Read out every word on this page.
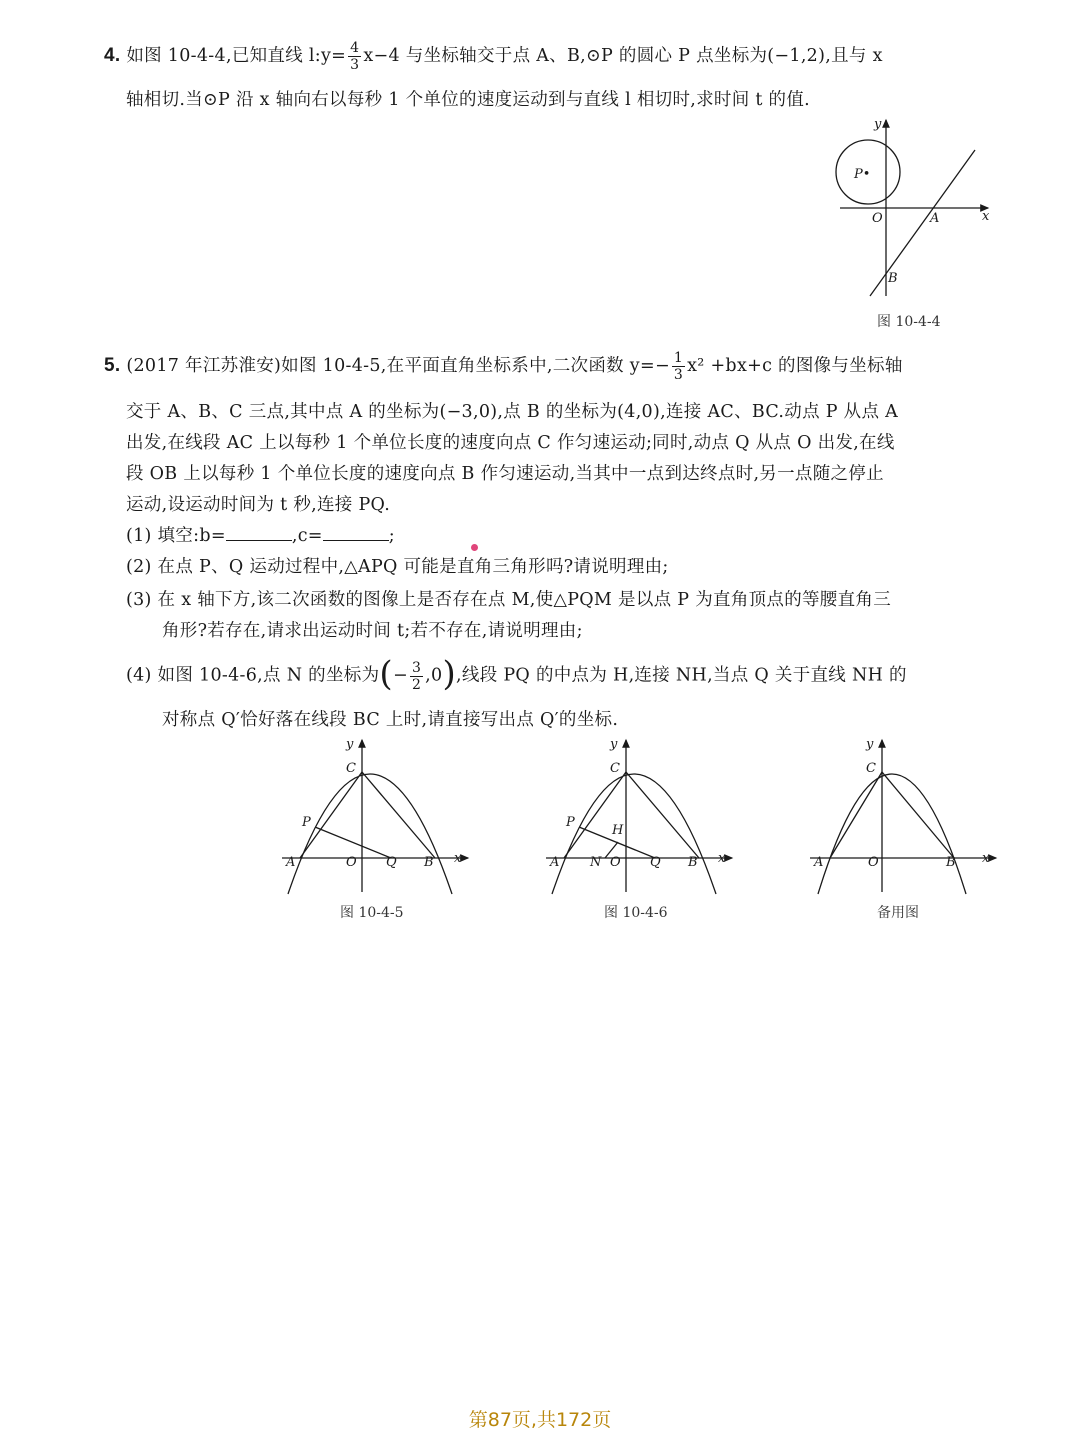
4. 如图 10-4-4,已知直线 l:y= $\frac{4}{3} x-4$ 与坐标轴交于点 A、B,⊙P 的圆心 P 点坐标为(−1,2),且与 x
轴相切.当⊙P 沿 x 轴向右以每秒 1 个单位的速度运动到与直线 l 相切时,求时间 t 的值.
y
x
P•
O	A
B
图 10-4-4
5. (2017 年江苏淮安)如图 10-4-5,在平面直角坐标系中,二次函数 $y=- \frac{1}{3} x^2 +bx+c$ 的图像与坐标轴
交于 A、B、C 三点,其中点 A 的坐标为(−3,0),点 B 的坐标为(4,0),连接 AC、BC.动点 P 从点 A
出发,在线段 AC 上以每秒 1 个单位长度的速度向点 C 作匀速运动;同时,动点 Q 从点 O 出发,在线
段 OB 上以每秒 1 个单位长度的速度向点 B 作匀速运动,当其中一点到达终点时,另一点随之停止
运动,设运动时间为 t 秒,连接 PQ.
(1) 填空:b=	,c=	;
(2) 在点 P、Q 运动过程中,△APQ 可能是直角三角形吗?请说明理由;
(3) 在 x 轴下方,该二次函数的图像上是否存在点 M,使△PQM 是以点 P 为直角顶点的等腰直角三
角形?若存在,请求出运动时间 t;若不存在,请说明理由;
(4) 如图 10-4-6,点 N 的坐标为(− $\frac{3}{2} ,0$),线段 PQ 的中点为 H,连接 NH,当点 Q 关于直线 NH 的
对称点 Q′恰好落在线段 BC 上时,请直接写出点 Q′的坐标.
y
x
C
P
A	O Q B
图 10-4-5
y
x
C
P
H
A N O Q B
图 10-4-6
y
x
C
A	O	B
备用图
第87页,共172页
